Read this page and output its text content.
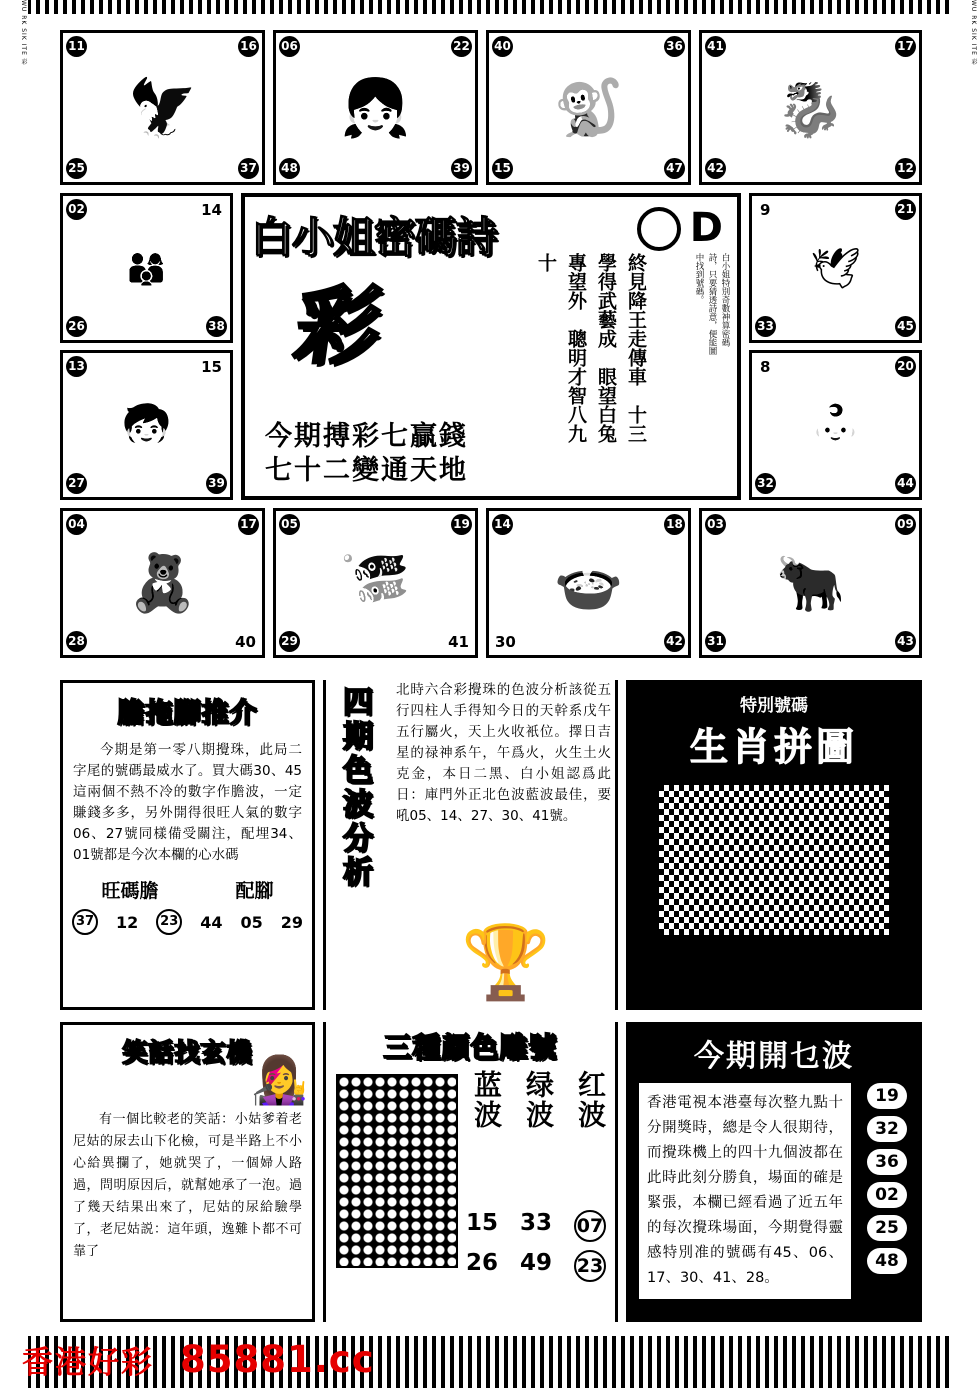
WU RK SIK ITE 彩	WU RK SIK ITE 彩
11	16
25	37
🦅
06	22
48	39
👧
40	36
15	47
🐒
41	17
42	12
🐉
02	14
26	38
👨‍👩‍👦
13	15
27	39
🧒
白小姐密碼詩	D
彩	終見降王走傳車　十三學得武藝成　眼望白兔專望外　聰明才智八九十	白小姐特別奇數神算密碼詩，只要猜透詩意，便能圖中找到號碼。
今期搏彩七贏錢
七十二變通天地
9	21
33	45
🕊
8	20
32	44
👶
04	17
28	40
🧸
05	19
29	41
🎏
14	18
30	42
🍲
03	09
31	43
🐂
膽拖腳推介
今期是第一零八期攪珠，此局二字尾的號碼最威水了。買大碼30、45這兩個不熱不冷的數字作膽波，一定賺錢多多，另外開得很旺人氣的數字06、27號同樣備受關注，配埋34、01號都是今次本欄的心水碼
旺碼膽	配腳
37 12	23 44 05 29
四期色波分析 北時六合彩攪珠的色波分析該從五行四柱人手得知今日的天幹系戊午五行屬火，天上火收衹位。擇日吉星的禄神系午，午爲火，火生土火克金，本日二黑、白小姐認爲此日：庫門外正北色波藍波最佳，要吼05、14、27、30、41號。
🏆
特別號碼
生肖拼圖
笑話找玄機
👩‍🎤
有一個比較老的笑話：小姑爹着老尼姑的尿去山下化檢，可是半路上不小心給異攔了，她就哭了，一個婦人路過，問明原因后，就幫她承了一泡。過了幾天结果出來了，尼姑的尿給驗學了，老尼姑説：這年頭，逸難卜都不可靠了
三種顏色雕號
蓝波 绿波 红波
15 33 07
26 49 23
今期開乜波
香港電視本港臺每次整九點十分開獎時，總是令人很期待，而攪珠機上的四十九個波都在此時此刻分勝負，場面的確是緊張，本欄已經看過了近五年的每次攪珠場面，今期覺得靈感特別准的號碼有45、06、17、30、41、28。
19
32
36
02
25
48
香港好彩 85881.cc
